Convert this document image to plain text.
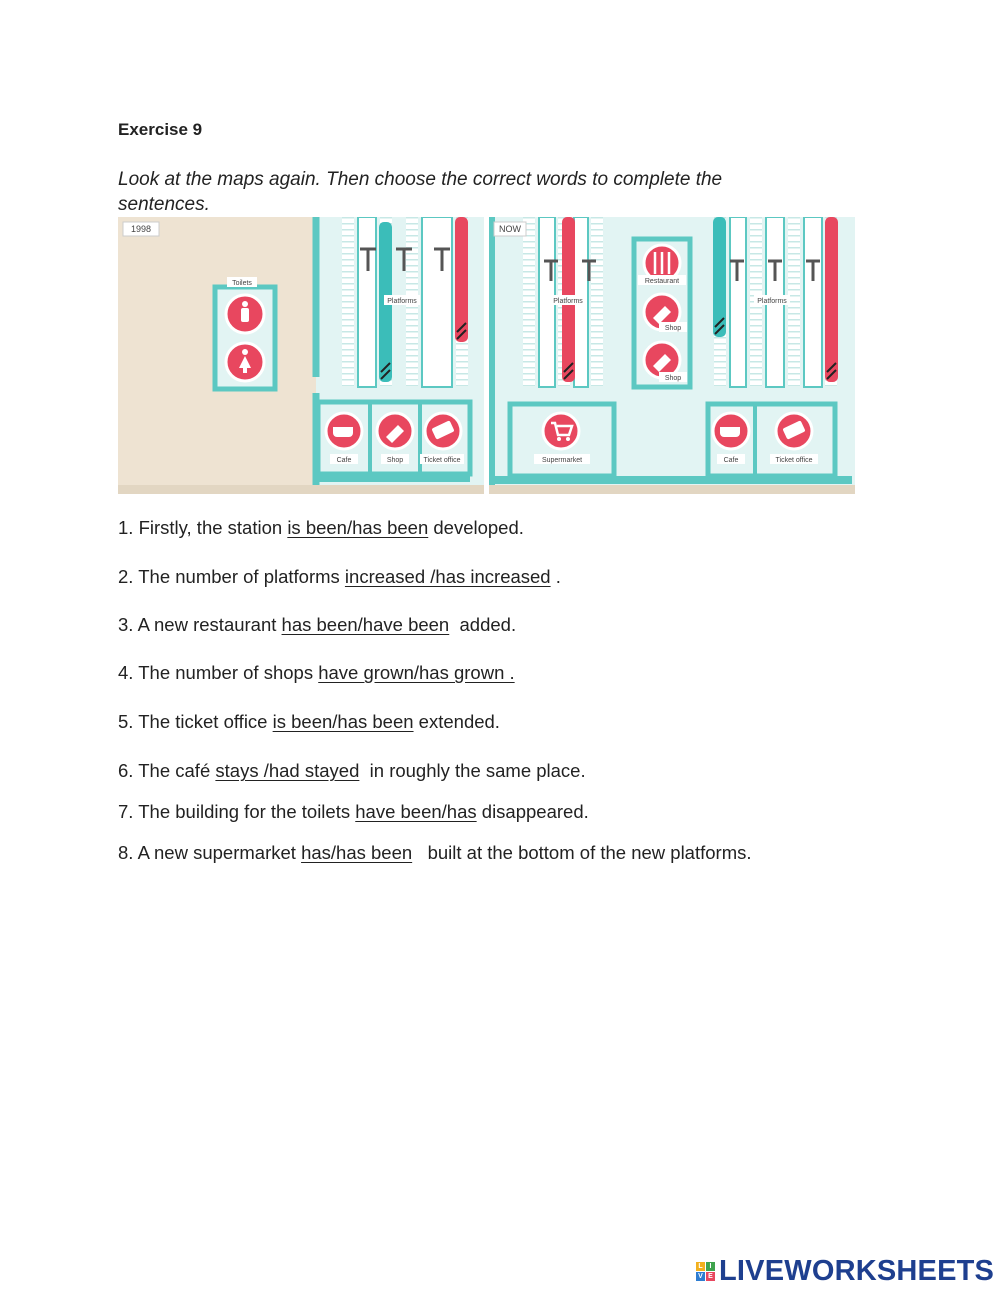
Exercise 9
Look at the maps again. Then choose the correct words to complete the sentences.
Platforms
Toilets
Cafe	Shop	Ticket office
1998
Platforms	Platforms
Restaurant
Shop
Shop
Supermarket	Cafe	Ticket office
NOW
1. Firstly, the station is been/has been developed.
2. The number of platforms increased /has increased .
3. A new restaurant has been/have been  added.
4. The number of shops have grown/has grown .
5. The ticket office is been/has been extended.
6. The café stays /had stayed  in roughly the same place.
7. The building for the toilets have been/has disappeared.
8. A new supermarket has/has been   built at the bottom of the new platforms.
L I
V E LIVEWORKSHEETS
